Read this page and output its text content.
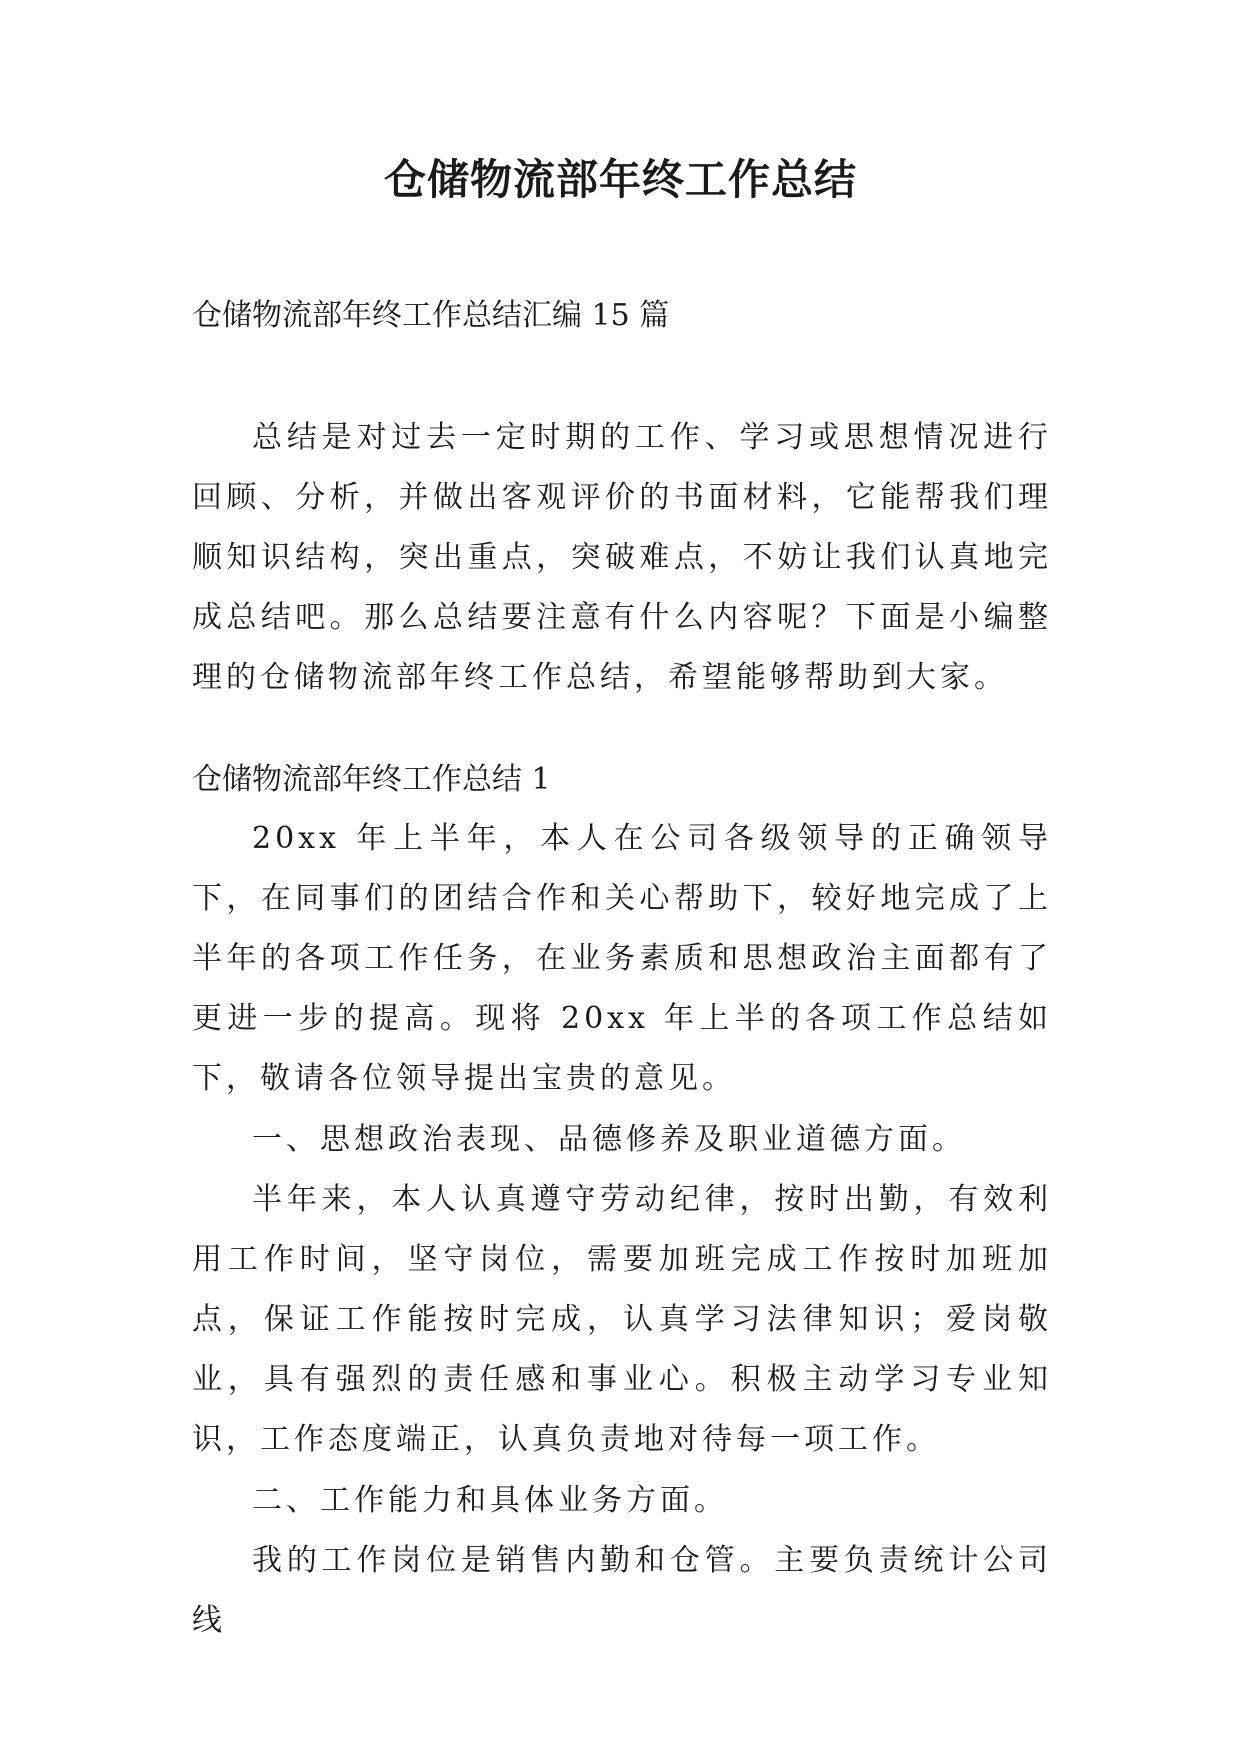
仓储物流部年终工作总结

仓储物流部年终工作总结汇编 15 篇

总结是对过去一定时期的工作、学习或思想情况进行回顾、分析，并做出客观评价的书面材料，它能帮我们理顺知识结构，突出重点，突破难点，不妨让我们认真地完成总结吧。那么总结要注意有什么内容呢？下面是小编整理的仓储物流部年终工作总结，希望能够帮助到大家。

仓储物流部年终工作总结 1

20xx 年上半年，本人在公司各级领导的正确领导下，在同事们的团结合作和关心帮助下，较好地完成了上半年的各项工作任务，在业务素质和思想政治主面都有了更进一步的提高。现将 20xx 年上半的各项工作总结如下，敬请各位领导提出宝贵的意见。

一、思想政治表现、品德修养及职业道德方面。

半年来，本人认真遵守劳动纪律，按时出勤，有效利用工作时间，坚守岗位，需要加班完成工作按时加班加点，保证工作能按时完成，认真学习法律知识；爱岗敬业，具有强烈的责任感和事业心。积极主动学习专业知识，工作态度端正，认真负责地对待每一项工作。

二、工作能力和具体业务方面。

我的工作岗位是销售内勤和仓管。主要负责统计公司线
